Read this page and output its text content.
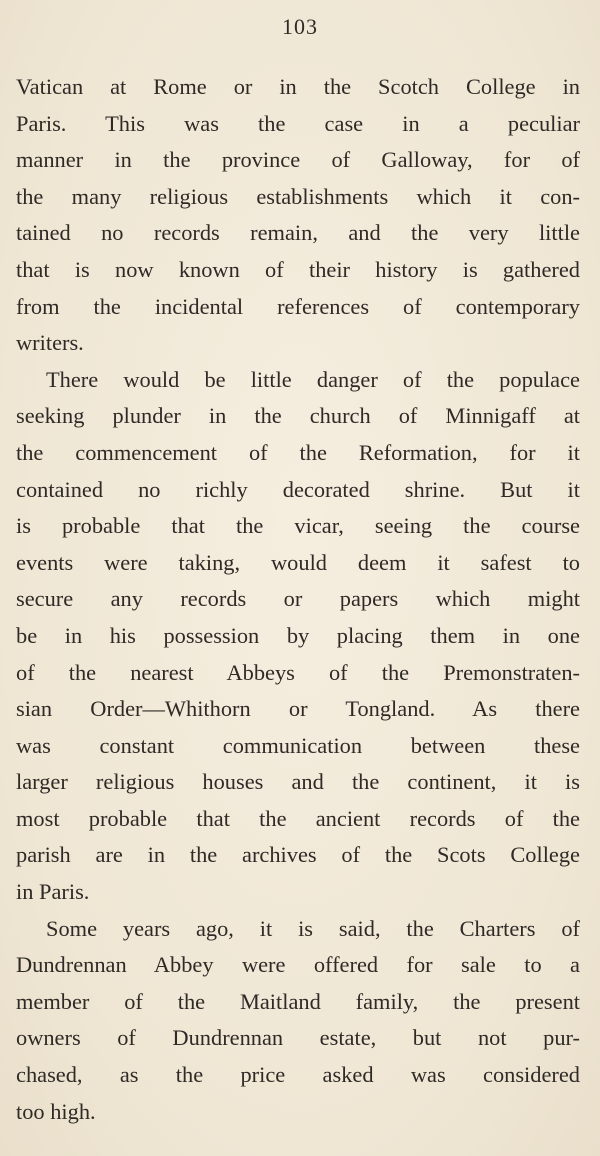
103
Vatican at Rome or in the Scotch College in
Paris. This was the case in a peculiar
manner in the province of Galloway, for of
the many religious establishments which it con-
tained no records remain, and the very little
that is now known of their history is gathered
from the incidental references of contemporary
writers.
There would be little danger of the populace
seeking plunder in the church of Minnigaff at
the commencement of the Reformation, for it
contained no richly decorated shrine. But it
is probable that the vicar, seeing the course
events were taking, would deem it safest to
secure any records or papers which might
be in his possession by placing them in one
of the nearest Abbeys of the Premonstraten-
sian Order—Whithorn or Tongland. As there
was constant communication between these
larger religious houses and the continent, it is
most probable that the ancient records of the
parish are in the archives of the Scots College
in Paris.
Some years ago, it is said, the Charters of
Dundrennan Abbey were offered for sale to a
member of the Maitland family, the present
owners of Dundrennan estate, but not pur-
chased, as the price asked was considered
too high.
